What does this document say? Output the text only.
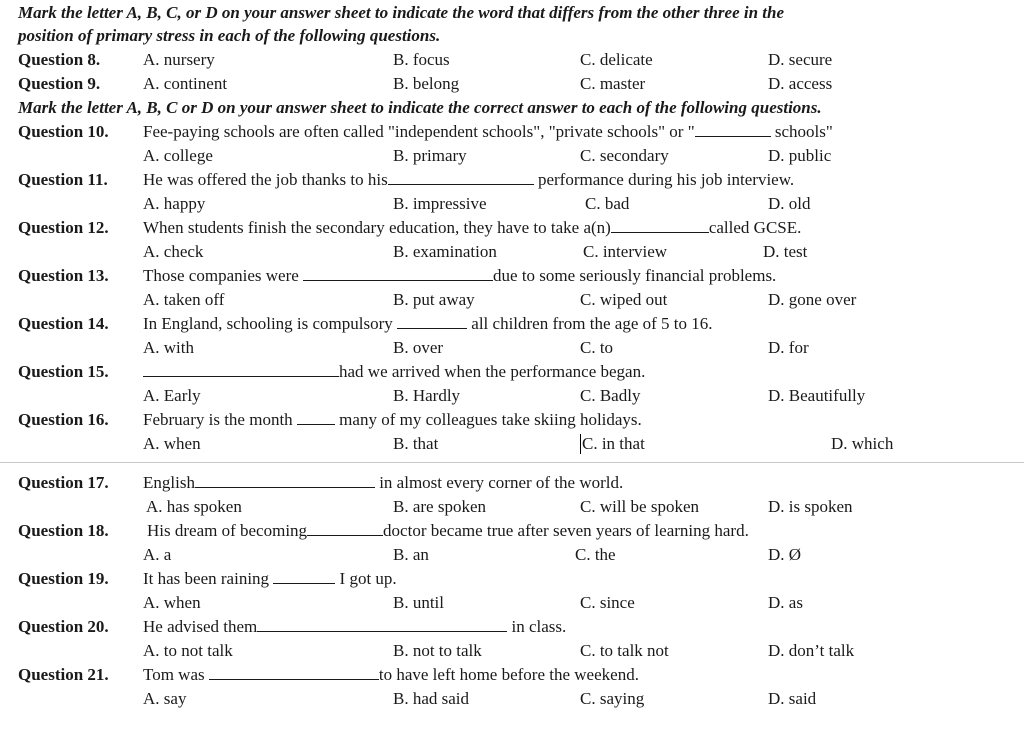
Mark the letter A, B, C, or D on your answer sheet to indicate the word that differs from the other three in the
position of primary stress in each of the following questions.
Question 8.	A. nursery	B. focus	C. delicate	D. secure
Question 9.	A. continent	B. belong	C. master	D. access
Mark the letter A, B, C or D on your answer sheet to indicate the correct answer to each of the following questions.
Question 10. Fee-paying schools are often called "independent schools", "private schools" or "	schools"
A. college	B. primary	C. secondary	D. public
Question 11. He was offered the job thanks to his	performance during his job interview.
A. happy	B. impressive	C. bad	D. old
Question 12. When students finish the secondary education, they have to take a(n)	called GCSE.
A. check	B. examination	C. interview	D. test
Question 13. Those companies were	due to some seriously financial problems.
A. taken off	B. put away	C. wiped out	D. gone over
Question 14. In England, schooling is compulsory	all children from the age of 5 to 16.
A. with	B. over	C. to	D. for
Question 15.	had we arrived when the performance began.
A. Early	B. Hardly	C. Badly	D. Beautifully
Question 16. February is the month	many of my colleagues take skiing holidays.
A. when	B. that	C. in that	D. which
Question 17. English	in almost every corner of the world.
A. has spoken	B. are spoken	C. will be spoken	D. is spoken
Question 18. His dream of becoming	doctor became true after seven years of learning hard.
A. a	B. an	C. the	D. Ø
Question 19. It has been raining	I got up.
A. when	B. until	C. since	D. as
Question 20. He advised them	in class.
A. to not talk	B. not to talk	C. to talk not	D. don’t talk
Question 21. Tom was	to have left home before the weekend.
A. say	B. had said	C. saying	D. said
